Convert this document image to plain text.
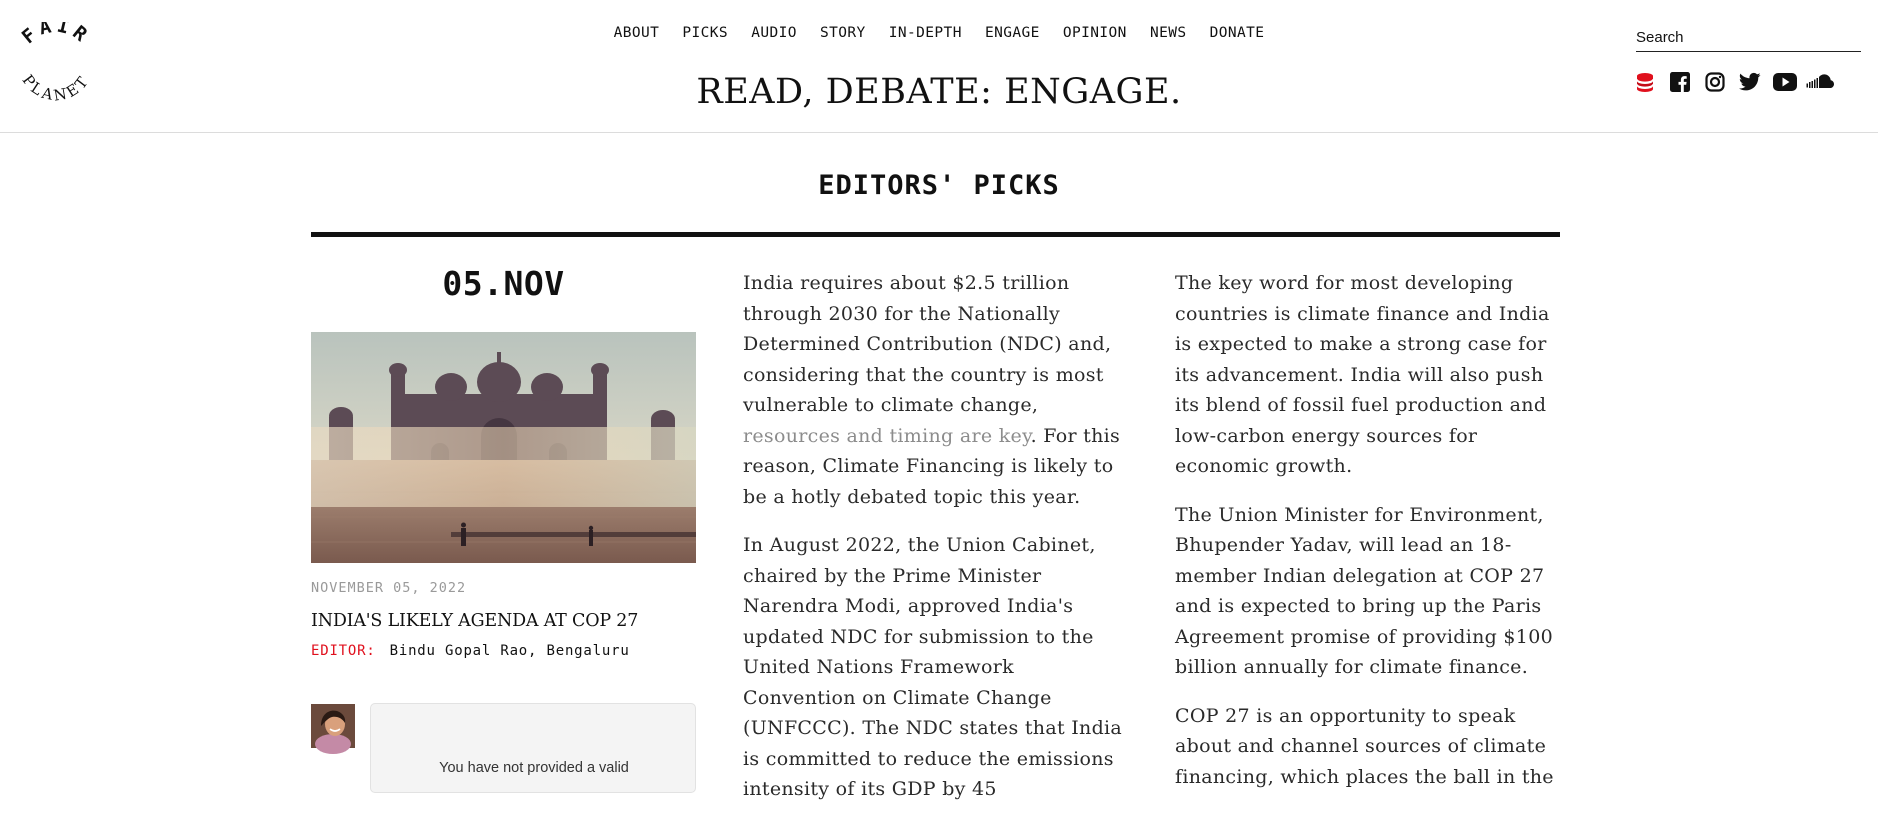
FAIR
PLANET
ABOUT PICKS AUDIO STORY IN-DEPTH ENGAGE OPINION NEWS DONATE
READ, DEBATE: ENGAGE.
Search
EDITORS' PICKS
05.NOV
NOVEMBER 05, 2022
INDIA'S LIKELY AGENDA AT COP 27
EDITOR: Bindu Gopal Rao, Bengaluru
You have not provided a valid

India requires about $2.5 trillion through 2030 for the Nationally Determined Contribution (NDC) and, considering that the country is most vulnerable to climate change, resources and timing are key. For this reason, Climate Financing is likely to be a hotly debated topic this year.

In August 2022, the Union Cabinet, chaired by the Prime Minister Narendra Modi, approved India's updated NDC for submission to the United Nations Framework Convention on Climate Change (UNFCCC). The NDC states that India is committed to reduce the emissions intensity of its GDP by 45

The key word for most developing countries is climate finance and India is expected to make a strong case for its advancement. India will also push its blend of fossil fuel production and low-carbon energy sources for economic growth.

The Union Minister for Environment, Bhupender Yadav, will lead an 18-member Indian delegation at COP 27 and is expected to bring up the Paris Agreement promise of providing $100 billion annually for climate finance.

COP 27 is an opportunity to speak about and channel sources of climate financing, which places the ball in the
